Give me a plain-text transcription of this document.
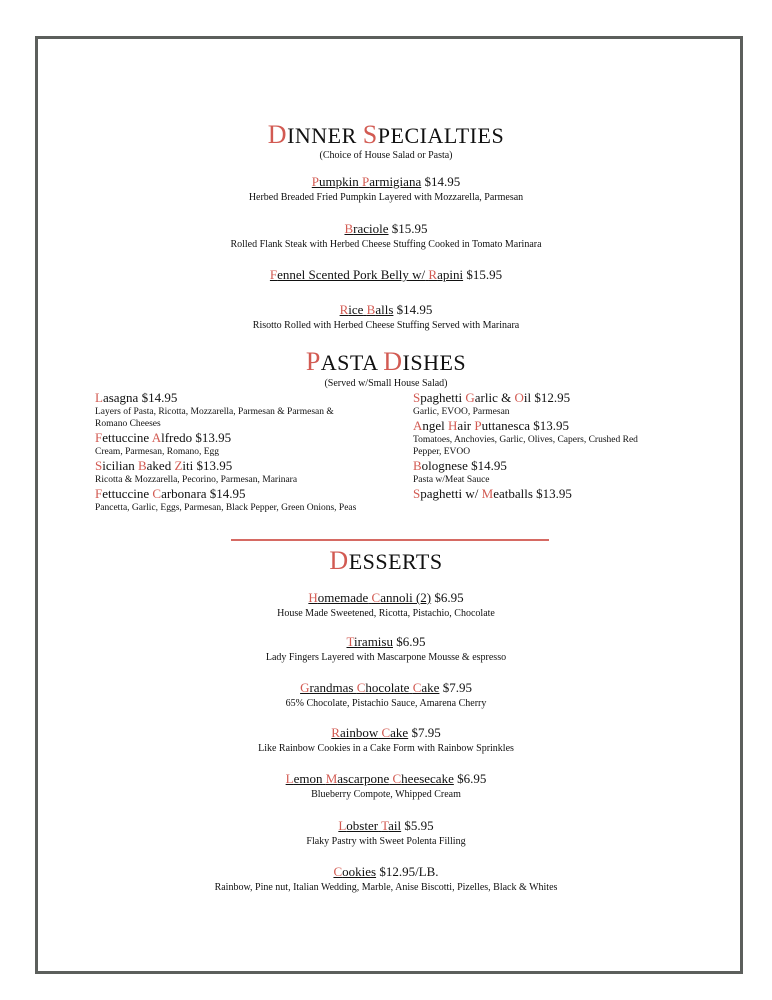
DINNER SPECIALTIES
(Choice of House Salad or Pasta)
Pumpkin Parmigiana $14.95
Herbed Breaded Fried Pumpkin Layered with Mozzarella, Parmesan
Braciole $15.95
Rolled Flank Steak with Herbed Cheese Stuffing Cooked in Tomato Marinara
Fennel Scented Pork Belly w/ Rapini $15.95
Rice Balls $14.95
Risotto Rolled with Herbed Cheese Stuffing Served with Marinara
PASTA DISHES
(Served w/Small House Salad)
Lasagna $14.95
Layers of Pasta, Ricotta, Mozzarella, Parmesan & Parmesan & Romano Cheeses
Fettuccine Alfredo $13.95
Cream, Parmesan, Romano, Egg
Sicilian Baked Ziti $13.95
Ricotta & Mozzarella, Pecorino, Parmesan, Marinara
Fettuccine Carbonara $14.95
Pancetta, Garlic, Eggs, Parmesan, Black Pepper, Green Onions, Peas
Spaghetti Garlic & Oil $12.95
Garlic, EVOO, Parmesan
Angel Hair Puttanesca $13.95
Tomatoes, Anchovies, Garlic, Olives, Capers, Crushed Red Pepper, EVOO
Bolognese $14.95
Pasta w/Meat Sauce
Spaghetti w/ Meatballs $13.95
DESSERTS
Homemade Cannoli (2) $6.95
House Made Sweetened, Ricotta, Pistachio, Chocolate
Tiramisu $6.95
Lady Fingers Layered with Mascarpone Mousse & espresso
Grandmas Chocolate Cake $7.95
65% Chocolate, Pistachio Sauce, Amarena Cherry
Rainbow Cake $7.95
Like Rainbow Cookies in a Cake Form with Rainbow Sprinkles
Lemon Mascarpone Cheesecake $6.95
Blueberry Compote, Whipped Cream
Lobster Tail $5.95
Flaky Pastry with Sweet Polenta Filling
Cookies $12.95/LB.
Rainbow, Pine nut, Italian Wedding, Marble, Anise Biscotti, Pizelles, Black & Whites
